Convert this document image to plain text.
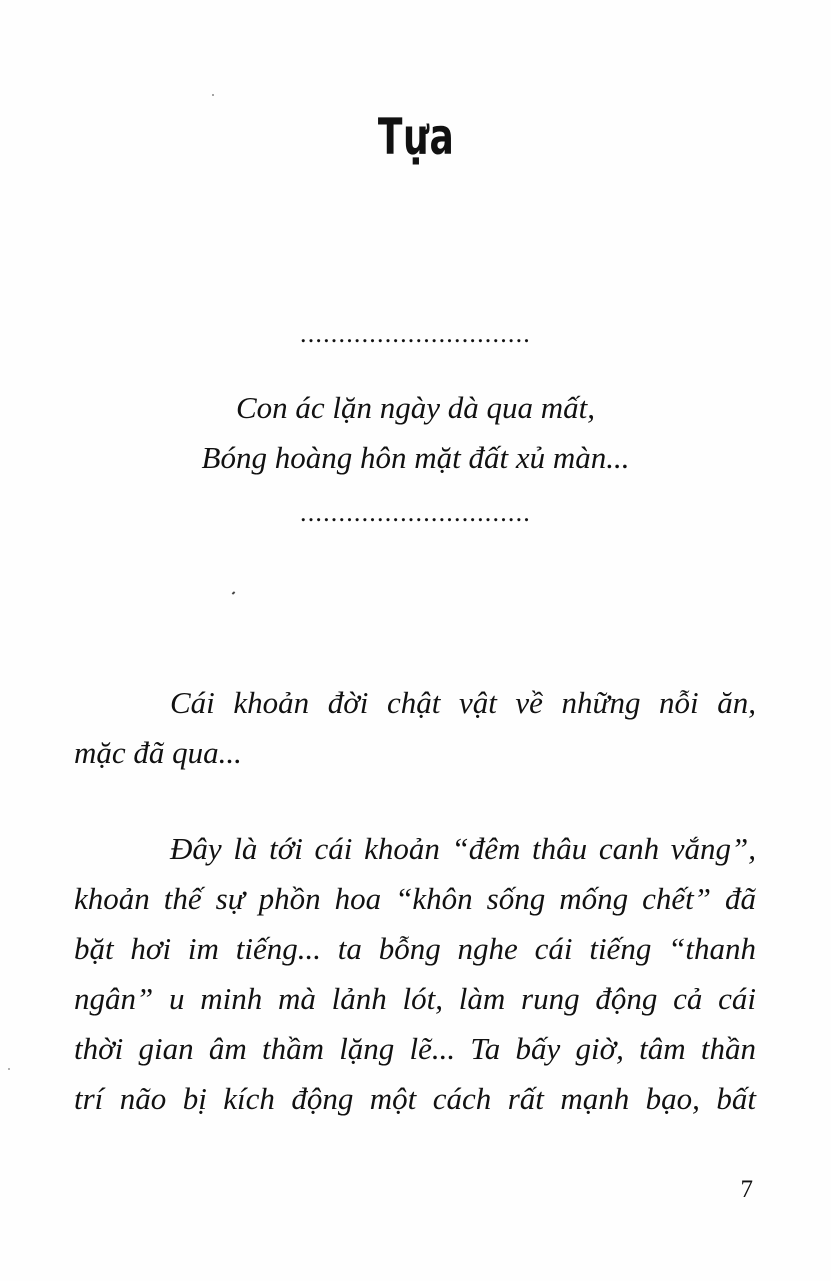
Tựa
..............................
Con ác lặn ngày dà qua mất,
Bóng hoàng hôn mặt đất xủ màn...
..............................
Cái khoản đời chật vật về những nỗi ăn,
mặc đã qua...
Đây là tới cái khoản “đêm thâu canh vắng”,
khoản thế sự phồn hoa “khôn sống mống chết” đã
bặt hơi im tiếng... ta bỗng nghe cái tiếng “thanh
ngân” u minh mà lảnh lót, làm rung động cả cái
thời gian âm thầm lặng lẽ... Ta bấy giờ, tâm thần
trí não bị kích động một cách rất mạnh bạo, bất
7
